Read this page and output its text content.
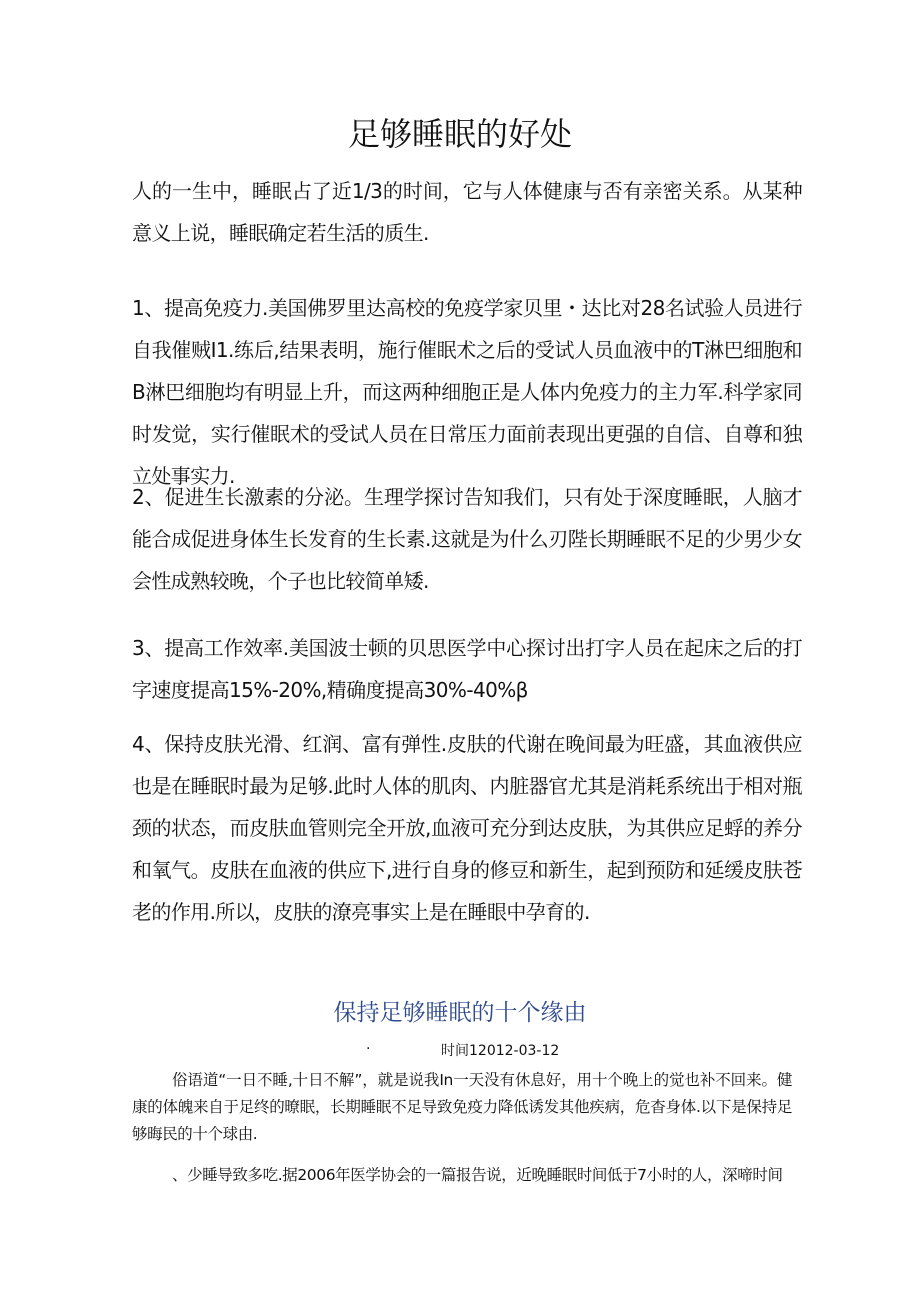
足够睡眠的好处

人的一生中，睡眠占了近1/3的时间，它与人体健康与否有亲密关系。从某种意义上说，睡眠确定若生活的质生.

1、提高免疫力.美国佛罗里达高校的免疫学家贝里・达比对28名试验人员进行自我催贼I1.练后,结果表明，施行催眠术之后的受试人员血液中的T淋巴细胞和B淋巴细胞均有明显上升，而这两种细胞正是人体内免疫力的主力军.科学家同时发觉，实行催眠术的受试人员在日常压力面前表现出更强的自信、自尊和独立处事实力.

2、促进生长激素的分泌。生理学探讨告知我们，只有处于深度睡眠，人脑才能合成促进身体生长发育的生长素.这就是为什么刃陛长期睡眠不足的少男少女会性成熟较晚，个子也比较简单矮.

3、提高工作效率.美国波士顿的贝思医学中心探讨出打字人员在起床之后的打字速度提高15%-20%,精确度提高30%-40%β

4、保持皮肤光滑、红润、富有弹性.皮肤的代谢在晚间最为旺盛，其血液供应也是在睡眠时最为足够.此时人体的肌肉、内脏器官尤其是消耗系统出于相对瓶颈的状态，而皮肤血管则完全开放,血液可充分到达皮肤，为其供应足蜉的养分和氧气。皮肤在血液的供应下,进行自身的修豆和新生，起到预防和延缓皮肤苍老的作用.所以，皮肤的潦亮事实上是在睡眼中孕育的.

保持足够睡眠的十个缘由
·	时间12012-03-12

俗语道“一日不睡,十日不解”，就是说我In一天没有休息好，用十个晚上的觉也补不回来。健康的体魄来自于足终的暸眠，长期睡眠不足导致免疫力降低诱发其他疾病，危杳身体.以下是保持足够晦民的十个球由.

、少睡导致多吃.据2006年医学协会的一篇报告说，近晚睡眠时间低于7小时的人，深啼时间
